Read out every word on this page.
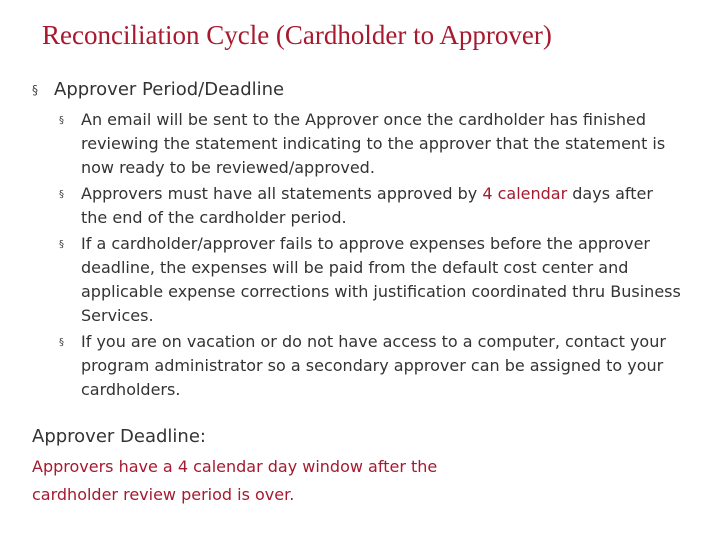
Reconciliation Cycle (Cardholder to Approver)
§ Approver Period/Deadline
§ An email will be sent to the Approver once the cardholder has finished reviewing the statement indicating to the approver that the statement is now ready to be reviewed/approved.
§ Approvers must have all statements approved by 4 calendar days after the end of the cardholder period.
§ If a cardholder/approver fails to approve expenses before the approver deadline, the expenses will be paid from the default cost center and applicable expense corrections with justification coordinated thru Business Services.
§ If you are on vacation or do not have access to a computer, contact your program administrator so a secondary approver can be assigned to your cardholders.
Approver Deadline:
Approvers have a 4 calendar day window after the cardholder review period is over.
